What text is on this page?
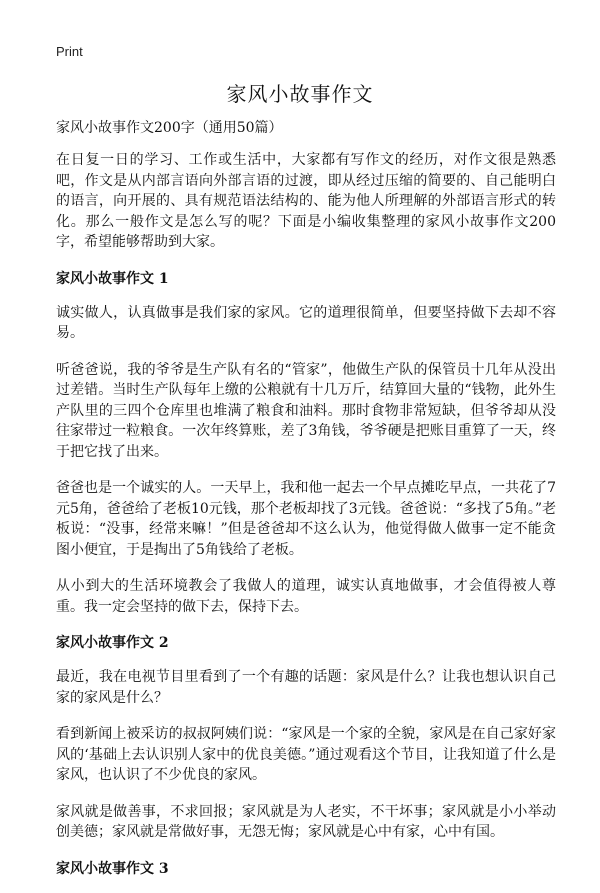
Print
家风小故事作文

家风小故事作文200字（通用50篇）

在日复一日的学习、工作或生活中，大家都有写作文的经历，对作文很是熟悉吧，作文是从内部言语向外部言语的过渡，即从经过压缩的简要的、自己能明白的语言，向开展的、具有规范语法结构的、能为他人所理解的外部语言形式的转化。那么一般作文是怎么写的呢？下面是小编收集整理的家风小故事作文200字，希望能够帮助到大家。

家风小故事作文 1

诚实做人，认真做事是我们家的家风。它的道理很简单，但要坚持做下去却不容易。

听爸爸说，我的爷爷是生产队有名的“管家”，他做生产队的保管员十几年从没出过差错。当时生产队每年上缴的公粮就有十几万斤，结算回大量的“钱物，此外生产队里的三四个仓库里也堆满了粮食和油料。那时食物非常短缺，但爷爷却从没往家带过一粒粮食。一次年终算账，差了3角钱，爷爷硬是把账目重算了一天，终于把它找了出来。

爸爸也是一个诚实的人。一天早上，我和他一起去一个早点摊吃早点，一共花了7元5角，爸爸给了老板10元钱，那个老板却找了3元钱。爸爸说：“多找了5角。”老板说：“没事，经常来嘛！”但是爸爸却不这么认为，他觉得做人做事一定不能贪图小便宜，于是掏出了5角钱给了老板。

从小到大的生活环境教会了我做人的道理，诚实认真地做事，才会值得被人尊重。我一定会坚持的做下去，保持下去。

家风小故事作文 2

最近，我在电视节目里看到了一个有趣的话题：家风是什么？让我也想认识自己家的家风是什么？

看到新闻上被采访的叔叔阿姨们说：“家风是一个家的全貌，家风是在自己家好家风的‘基础上去认识别人家中的优良美德。”通过观看这个节目，让我知道了什么是家风，也认识了不少优良的家风。

家风就是做善事，不求回报；家风就是为人老实，不干坏事；家风就是小小举动创美德；家风就是常做好事，无怨无悔；家风就是心中有家，心中有国。

家风小故事作文 3
